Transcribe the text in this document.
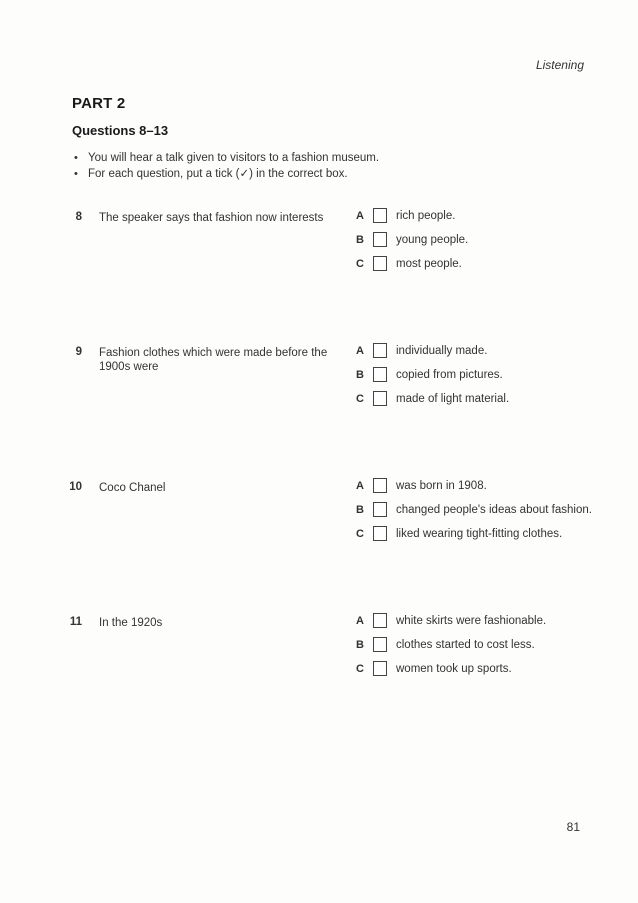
Listening
PART 2
Questions 8–13
• You will hear a talk given to visitors to a fashion museum.
• For each question, put a tick (✓) in the correct box.
8 The speaker says that fashion now interests	A	rich people.
B	young people.
C	most people.
9 Fashion clothes which were made before the 1900s were
A	individually made.
B	copied from pictures.
C	made of light material.
10 Coco Chanel	A	was born in 1908.
B	changed people's ideas about fashion.
C	liked wearing tight-fitting clothes.
11 In the 1920s	A	white skirts were fashionable.
B	clothes started to cost less.
C	women took up sports.
81
